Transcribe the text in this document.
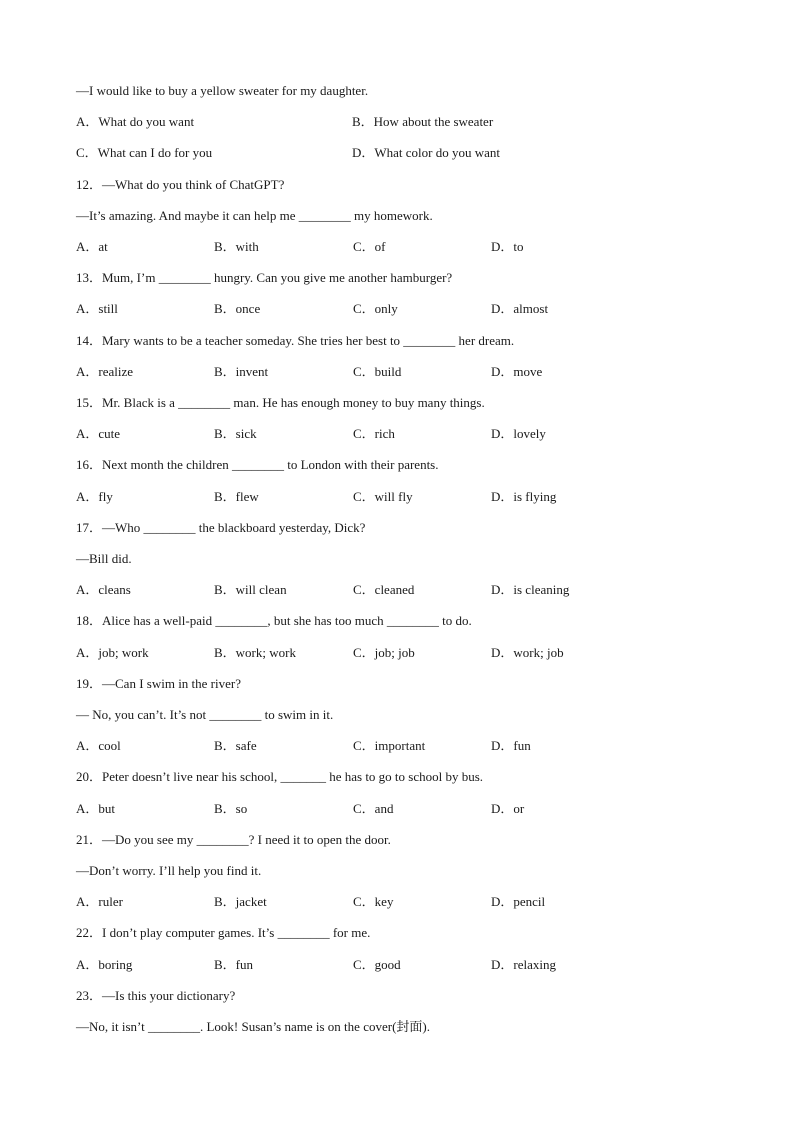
—I would like to buy a yellow sweater for my daughter.
A．What do you want	B．How about the sweater
C．What can I do for you	D．What color do you want
12．—What do you think of ChatGPT?
—It’s amazing. And maybe it can help me ________ my homework.
A．at	B．with	C．of	D．to
13．Mum, I’m ________ hungry. Can you give me another hamburger?
A．still	B．once	C．only	D．almost
14．Mary wants to be a teacher someday. She tries her best to ________ her dream.
A．realize	B．invent	C．build	D．move
15．Mr. Black is a ________ man. He has enough money to buy many things.
A．cute	B．sick	C．rich	D．lovely
16．Next month the children ________ to London with their parents.
A．fly	B．flew	C．will fly	D．is flying
17．—Who ________ the blackboard yesterday, Dick?
—Bill did.
A．cleans	B．will clean	C．cleaned	D．is cleaning
18．Alice has a well-paid ________, but she has too much ________ to do.
A．job; work	B．work; work	C．job; job	D．work; job
19．—Can I swim in the river?
— No, you can’t. It’s not ________ to swim in it.
A．cool	B．safe	C．important	D．fun
20．Peter doesn’t live near his school, _______ he has to go to school by bus.
A．but	B．so	C．and	D．or
21．—Do you see my ________? I need it to open the door.
—Don’t worry. I’ll help you find it.
A．ruler	B．jacket	C．key	D．pencil
22．I don’t play computer games. It’s ________ for me.
A．boring	B．fun	C．good	D．relaxing
23．—Is this your dictionary?
—No, it isn’t ________. Look! Susan’s name is on the cover(封面).
